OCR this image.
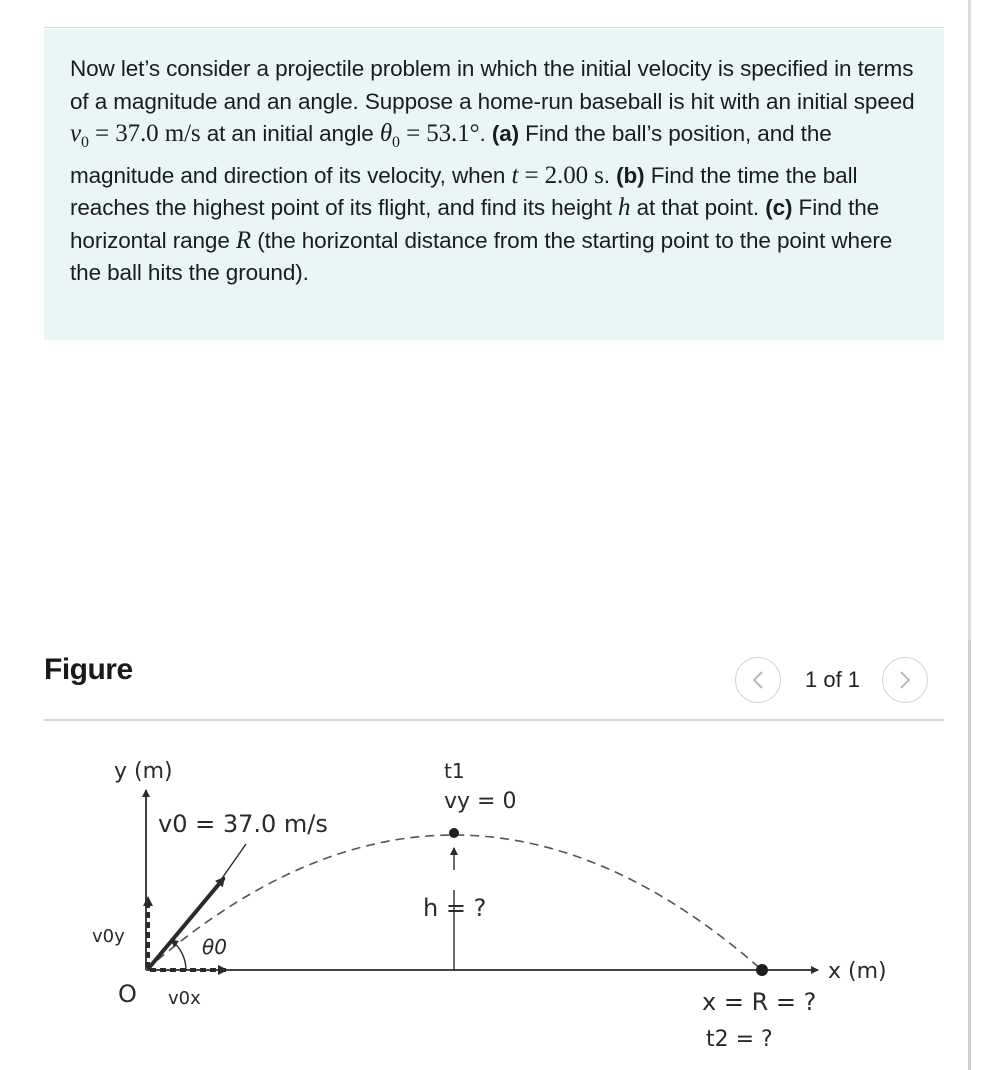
Now let’s consider a projectile problem in which the initial velocity is specified in terms of a magnitude and an angle. Suppose a home-run baseball is hit with an initial speed $v_0 = 37.0$ m/s at an initial angle $\theta_0 = 53.1^\circ$. (a) Find the ball’s position, and the magnitude and direction of its velocity, when t = 2.00 s. (b) Find the time the ball reaches the highest point of its flight, and find its height h at that point. (c) Find the horizontal range R (the horizontal distance from the starting point to the point where the ball hits the ground).

Figure	1 of 1
y (m)
x (m)
O
v0 = 37.0 m/s
v0y
v0x
θ0
t1
vy = 0
h = ?
x = R = ?
t2 = ?
